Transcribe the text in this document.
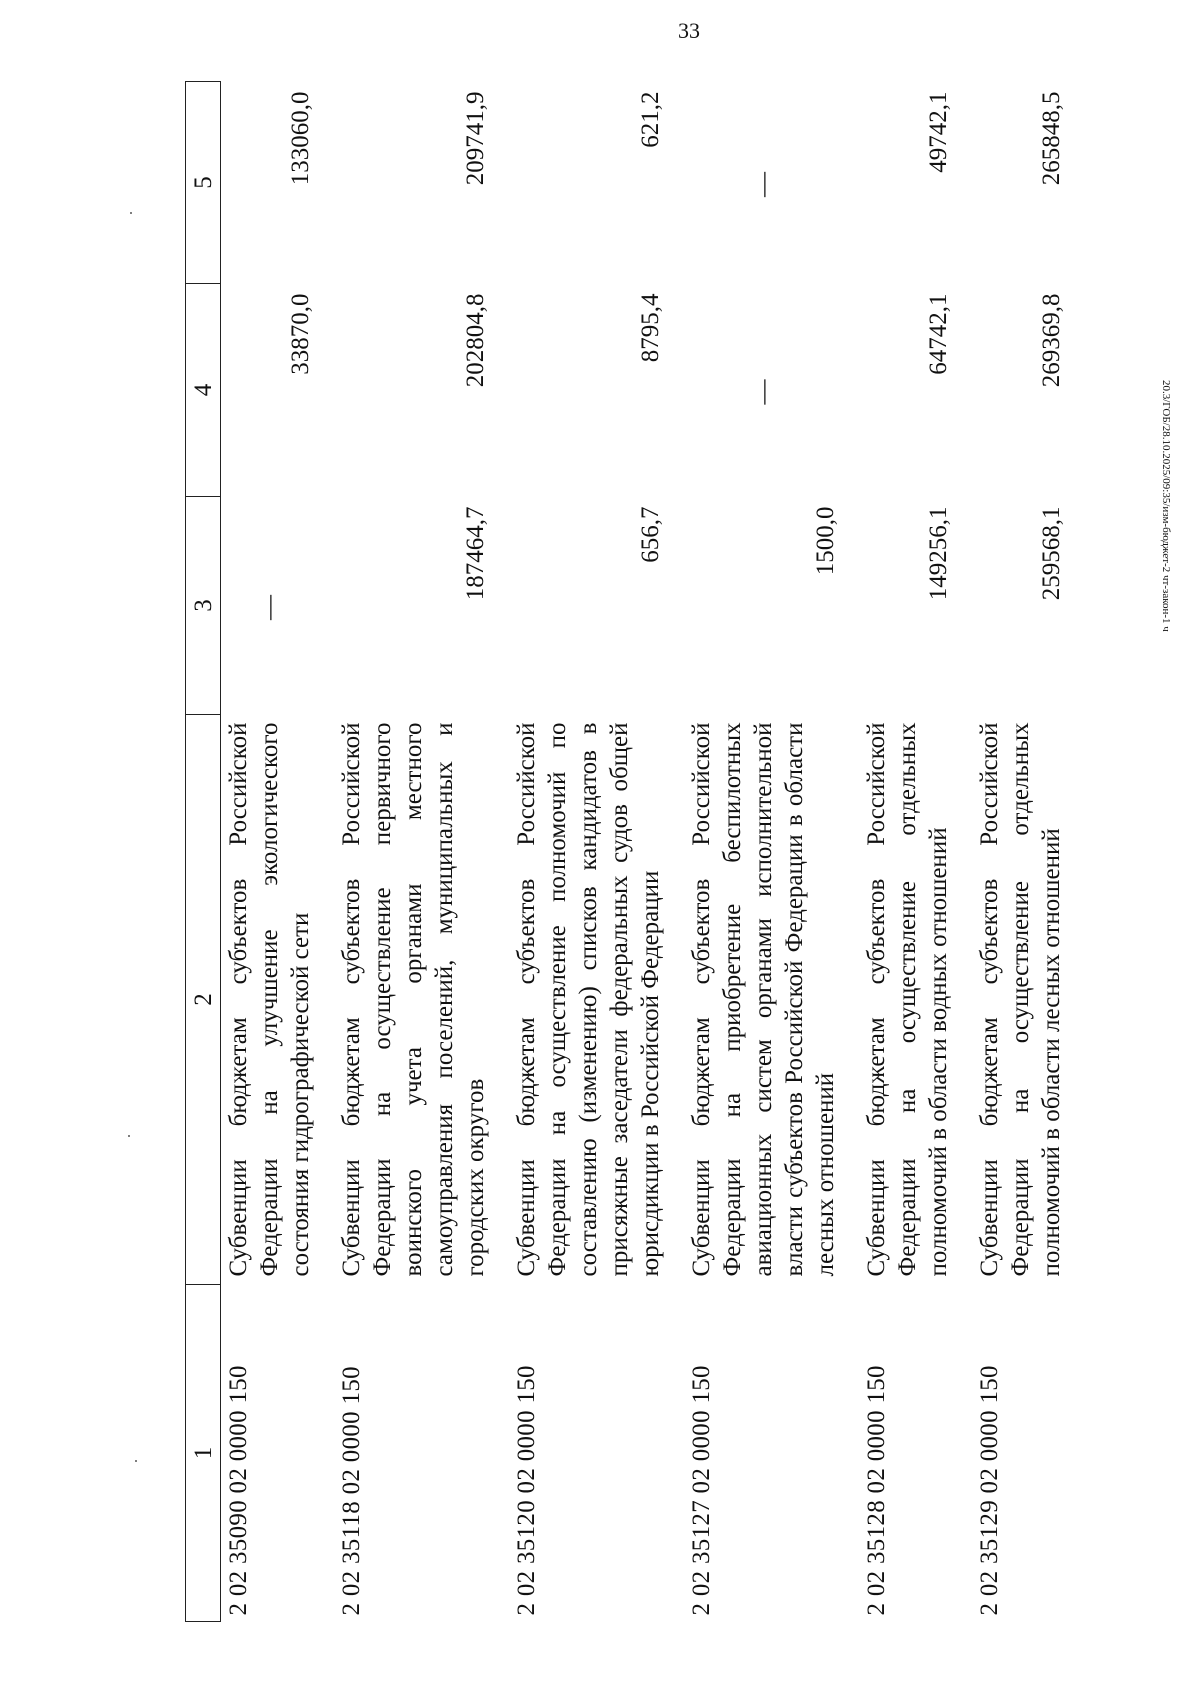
33
20.3/ГОБ/28.10.2025/09:35/изм-бюджет-2 чт-закон-1 ч
1	2	3	4	5
2 02 35090 02 0000 150	Субвенции бюджетам субъектов Российской Федерации на улучшение экологического состояния гидрографической сети	—	33870,0	133060,0
2 02 35118 02 0000 150	Субвенции бюджетам субъектов Российской Федерации на осуществление первичного воинского учета органами местного самоуправления поселений, муниципальных и городских округов	187464,7	202804,8	209741,9
2 02 35120 02 0000 150	Субвенции бюджетам субъектов Российской Федерации на осуществление полномочий по составлению (изменению) списков кандидатов в присяжные заседатели федеральных судов общей юрисдикции в Российской Федерации	656,7	8795,4	621,2
2 02 35127 02 0000 150	Субвенции бюджетам субъектов Российской Федерации на приобретение беспилотных авиационных систем органами исполнительной власти субъектов Российской Федерации в области лесных отношений	1500,0	—	—
2 02 35128 02 0000 150	Субвенции бюджетам субъектов Российской Федерации на осуществление отдельных полномочий в области водных отношений	149256,1	64742,1	49742,1
2 02 35129 02 0000 150	Субвенции бюджетам субъектов Российской Федерации на осуществление отдельных полномочий в области лесных отношений	259568,1	269369,8	265848,5
